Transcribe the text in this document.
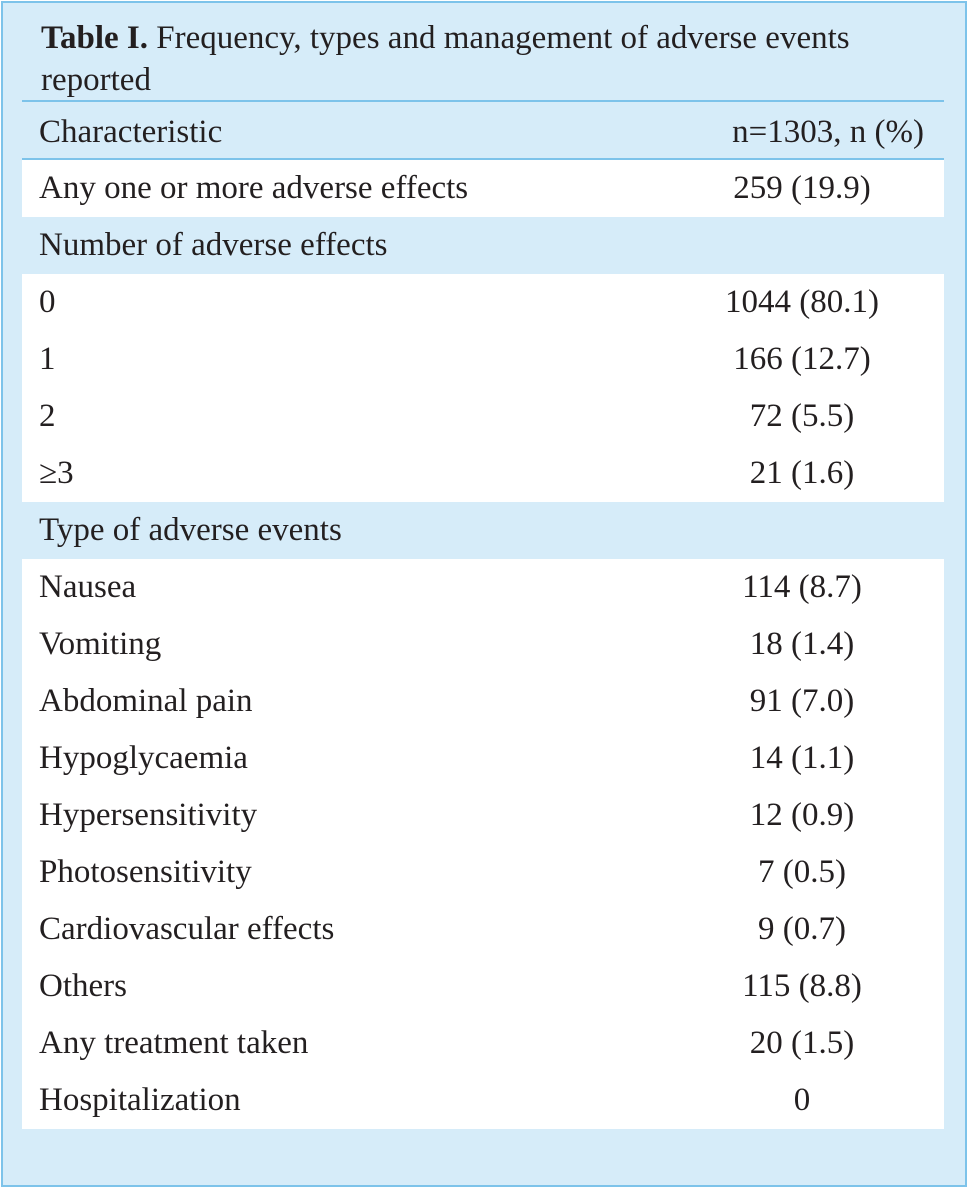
Table I. Frequency, types and management of adverse events reported
Characteristic	n=1303, n (%)
Any one or more adverse effects	259 (19.9)
Number of adverse effects
0	1044 (80.1)
1	166 (12.7)
2	72 (5.5)
≥3	21 (1.6)
Type of adverse events
Nausea	114 (8.7)
Vomiting	18 (1.4)
Abdominal pain	91 (7.0)
Hypoglycaemia	14 (1.1)
Hypersensitivity	12 (0.9)
Photosensitivity	7 (0.5)
Cardiovascular effects	9 (0.7)
Others	115 (8.8)
Any treatment taken	20 (1.5)
Hospitalization	0
